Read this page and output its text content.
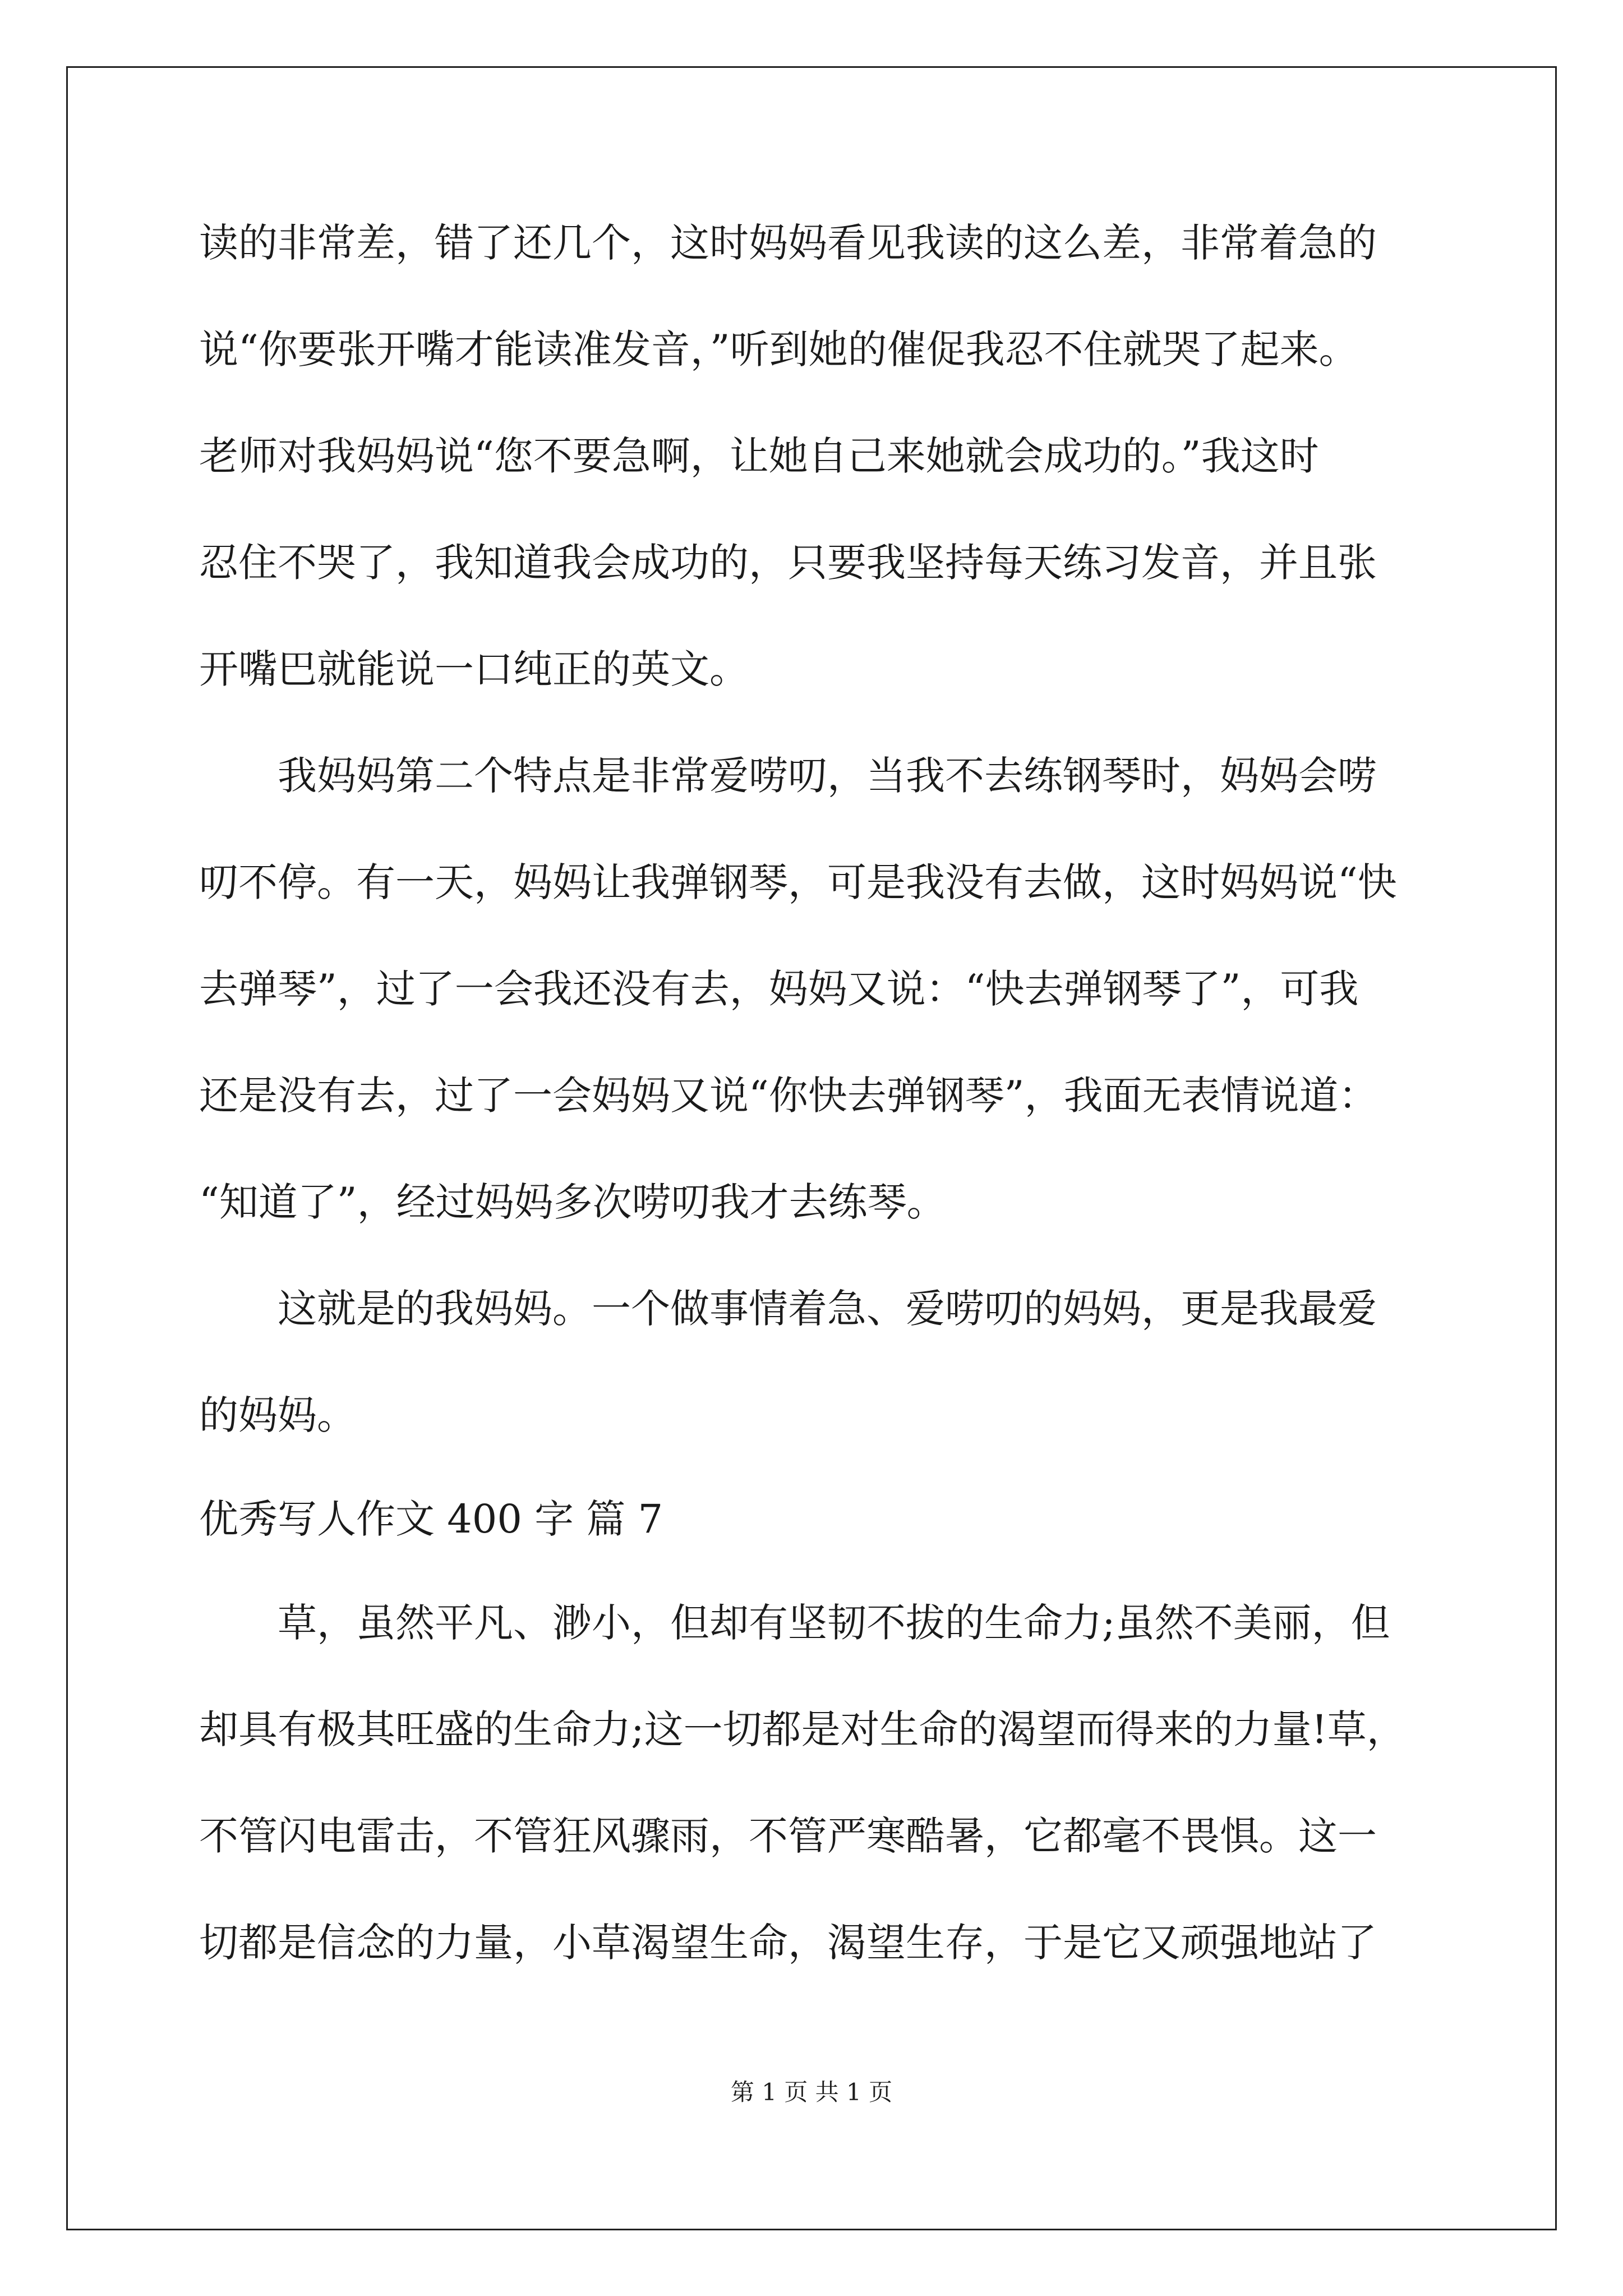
读的非常差，错了还几个，这时妈妈看见我读的这么差，非常着急的
说“你要张开嘴才能读准发音，”听到她的催促我忍不住就哭了起来。
老师对我妈妈说“您不要急啊，让她自己来她就会成功的。”我这时
忍住不哭了，我知道我会成功的，只要我坚持每天练习发音，并且张
开嘴巴就能说一口纯正的英文。
　　我妈妈第二个特点是非常爱唠叨，当我不去练钢琴时，妈妈会唠
叨不停。有一天，妈妈让我弹钢琴，可是我没有去做，这时妈妈说“快
去弹琴”，过了一会我还没有去，妈妈又说：“快去弹钢琴了”，可我
还是没有去，过了一会妈妈又说“你快去弹钢琴”，我面无表情说道：
“知道了”，经过妈妈多次唠叨我才去练琴。
　　这就是的我妈妈。一个做事情着急、爱唠叨的妈妈，更是我最爱
的妈妈。
优秀写人作文 400 字 篇 7
　　草，虽然平凡、渺小，但却有坚韧不拔的生命力;虽然不美丽，但
却具有极其旺盛的生命力;这一切都是对生命的渴望而得来的力量!草，
不管闪电雷击，不管狂风骤雨，不管严寒酷暑，它都毫不畏惧。这一
切都是信念的力量，小草渴望生命，渴望生存，于是它又顽强地站了
第 1 页 共 1 页
